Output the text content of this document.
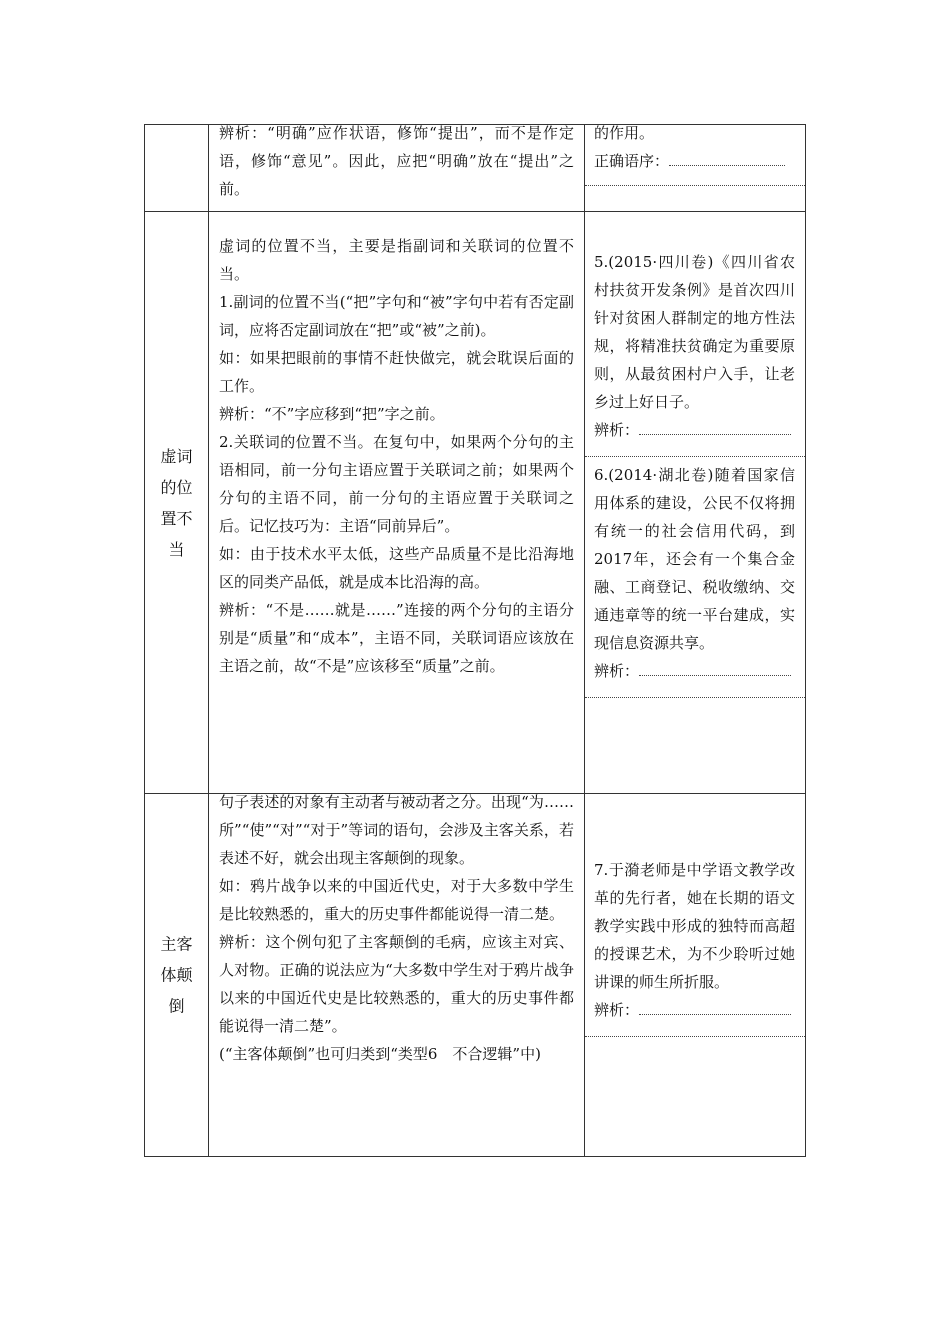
辨析：“明确”应作状语，修饰“提出”，而不是作定语，修饰“意见”。因此，应把“明确”放在“提出”之前。
的作用。
正确语序：
虚词的位置不当
虚词的位置不当，主要是指副词和关联词的位置不当。
1.副词的位置不当(“把”字句和“被”字句中若有否定副词，应将否定副词放在“把”或“被”之前)。
如：如果把眼前的事情不赶快做完，就会耽误后面的工作。
辨析：“不”字应移到“把”字之前。
2.关联词的位置不当。在复句中，如果两个分句的主语相同，前一分句主语应置于关联词之前；如果两个分句的主语不同，前一分句的主语应置于关联词之后。记忆技巧为：主语“同前异后”。
如：由于技术水平太低，这些产品质量不是比沿海地区的同类产品低，就是成本比沿海的高。
辨析：“不是……就是……”连接的两个分句的主语分别是“质量”和“成本”，主语不同，关联词语应该放在主语之前，故“不是”应该移至“质量”之前。
5.(2015·四川卷)《四川省农村扶贫开发条例》是首次四川针对贫困人群制定的地方性法规，将精准扶贫确定为重要原则，从最贫困村户入手，让老乡过上好日子。
辨析：
6.(2014·湖北卷)随着国家信用体系的建设，公民不仅将拥有统一的社会信用代码，到2017年，还会有一个集合金融、工商登记、税收缴纳、交通违章等的统一平台建成，实现信息资源共享。
辨析：
主客体颠倒
句子表述的对象有主动者与被动者之分。出现“为……所”“使”“对”“对于”等词的语句，会涉及主客关系，若表述不好，就会出现主客颠倒的现象。
如：鸦片战争以来的中国近代史，对于大多数中学生是比较熟悉的，重大的历史事件都能说得一清二楚。
辨析：这个例句犯了主客颠倒的毛病，应该主对宾、人对物。正确的说法应为“大多数中学生对于鸦片战争以来的中国近代史是比较熟悉的，重大的历史事件都能说得一清二楚”。
(“主客体颠倒”也可归类到“类型6　不合逻辑”中)
7.于漪老师是中学语文教学改革的先行者，她在长期的语文教学实践中形成的独特而高超的授课艺术，为不少聆听过她讲课的师生所折服。
辨析：
